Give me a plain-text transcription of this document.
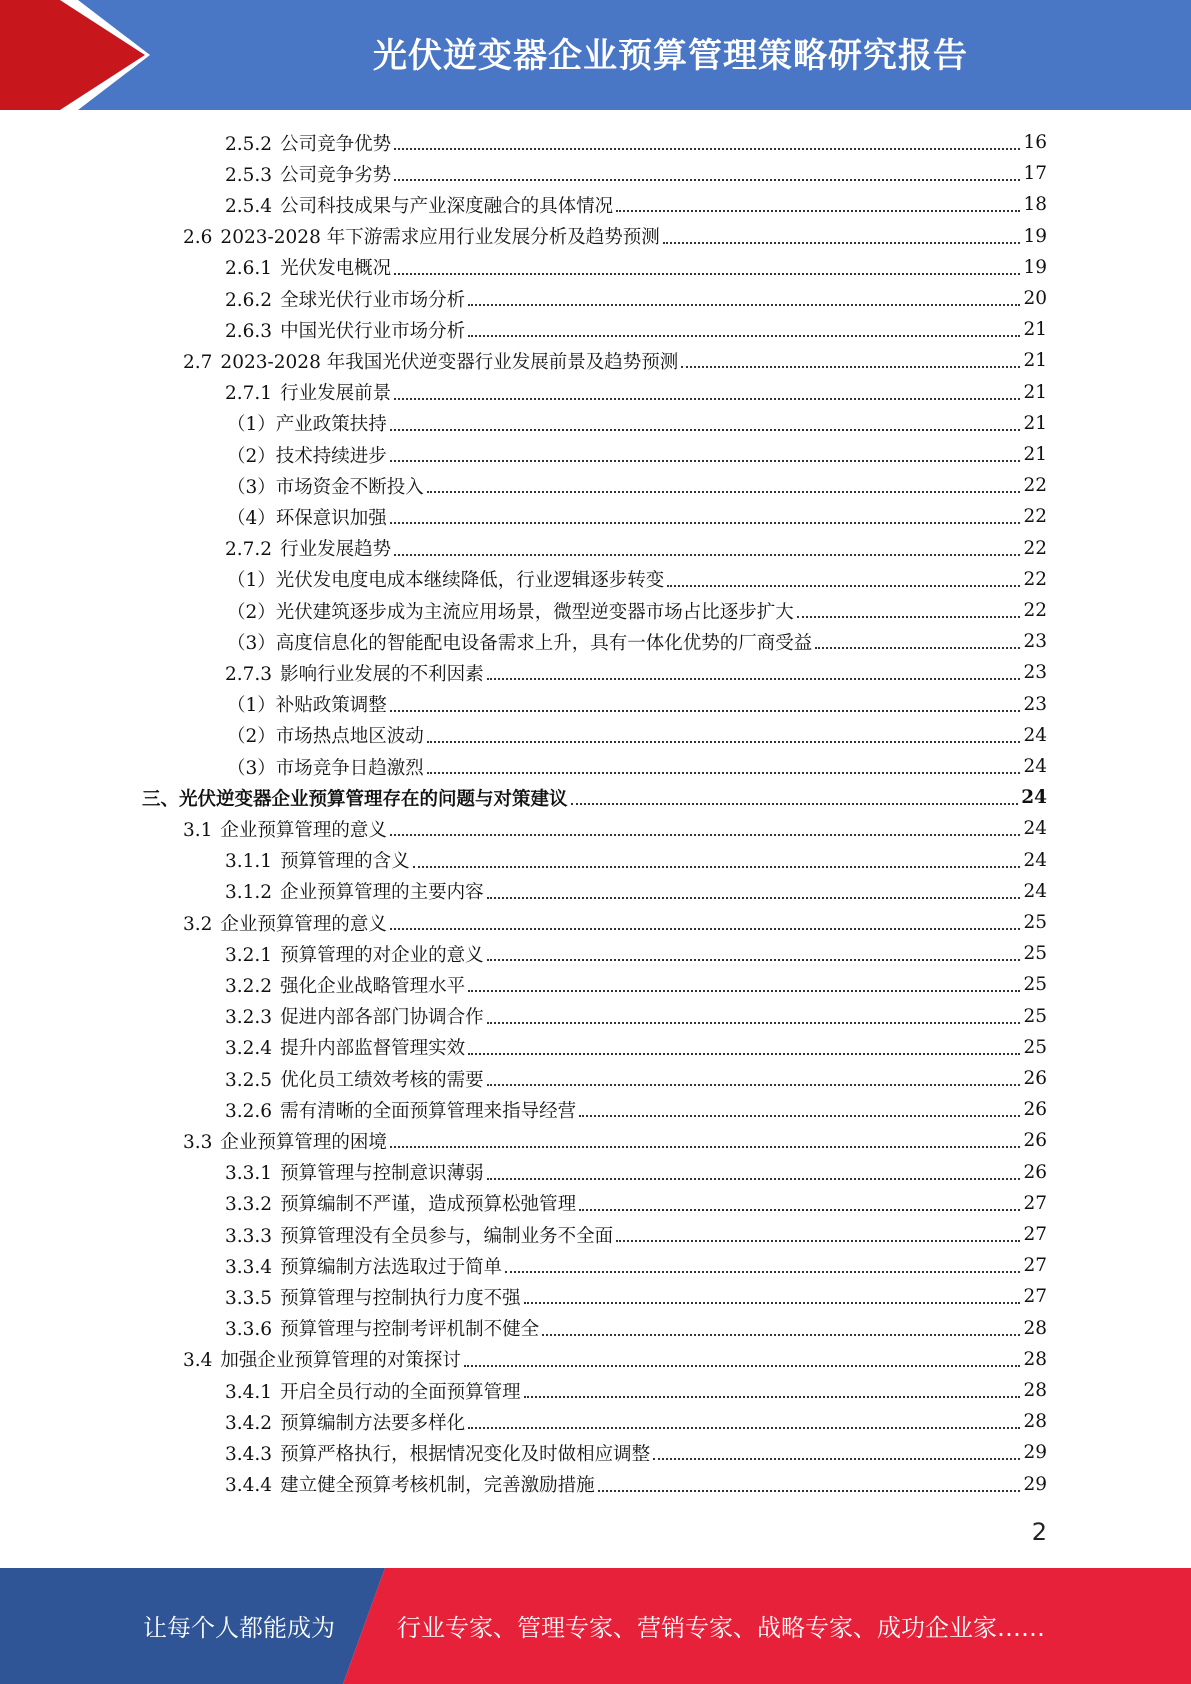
光伏逆变器企业预算管理策略研究报告
2.5.2 公司竞争优势	16
2.5.3 公司竞争劣势	17
2.5.4 公司科技成果与产业深度融合的具体情况	18
2.6 2023-2028 年下游需求应用行业发展分析及趋势预测	19
2.6.1 光伏发电概况	19
2.6.2 全球光伏行业市场分析	20
2.6.3 中国光伏行业市场分析	21
2.7 2023-2028 年我国光伏逆变器行业发展前景及趋势预测	21
2.7.1 行业发展前景	21
（1）产业政策扶持	21
（2）技术持续进步	21
（3）市场资金不断投入	22
（4）环保意识加强	22
2.7.2 行业发展趋势	22
（1）光伏发电度电成本继续降低，行业逻辑逐步转变	22
（2）光伏建筑逐步成为主流应用场景，微型逆变器市场占比逐步扩大	22
（3）高度信息化的智能配电设备需求上升，具有一体化优势的厂商受益	23
2.7.3 影响行业发展的不利因素	23
（1）补贴政策调整	23
（2）市场热点地区波动	24
（3）市场竞争日趋激烈	24
三、光伏逆变器企业预算管理存在的问题与对策建议	24
3.1 企业预算管理的意义	24
3.1.1 预算管理的含义	24
3.1.2 企业预算管理的主要内容	24
3.2 企业预算管理的意义	25
3.2.1 预算管理的对企业的意义	25
3.2.2 强化企业战略管理水平	25
3.2.3 促进内部各部门协调合作	25
3.2.4 提升内部监督管理实效	25
3.2.5 优化员工绩效考核的需要	26
3.2.6 需有清晰的全面预算管理来指导经营	26
3.3 企业预算管理的困境	26
3.3.1 预算管理与控制意识薄弱	26
3.3.2 预算编制不严谨，造成预算松弛管理	27
3.3.3 预算管理没有全员参与，编制业务不全面	27
3.3.4 预算编制方法选取过于简单	27
3.3.5 预算管理与控制执行力度不强	27
3.3.6 预算管理与控制考评机制不健全	28
3.4 加强企业预算管理的对策探讨	28
3.4.1 开启全员行动的全面预算管理	28
3.4.2 预算编制方法要多样化	28
3.4.3 预算严格执行，根据情况变化及时做相应调整	29
3.4.4 建立健全预算考核机制，完善激励措施	29
2
让每个人都能成为	行业专家、管理专家、营销专家、战略专家、成功企业家……
